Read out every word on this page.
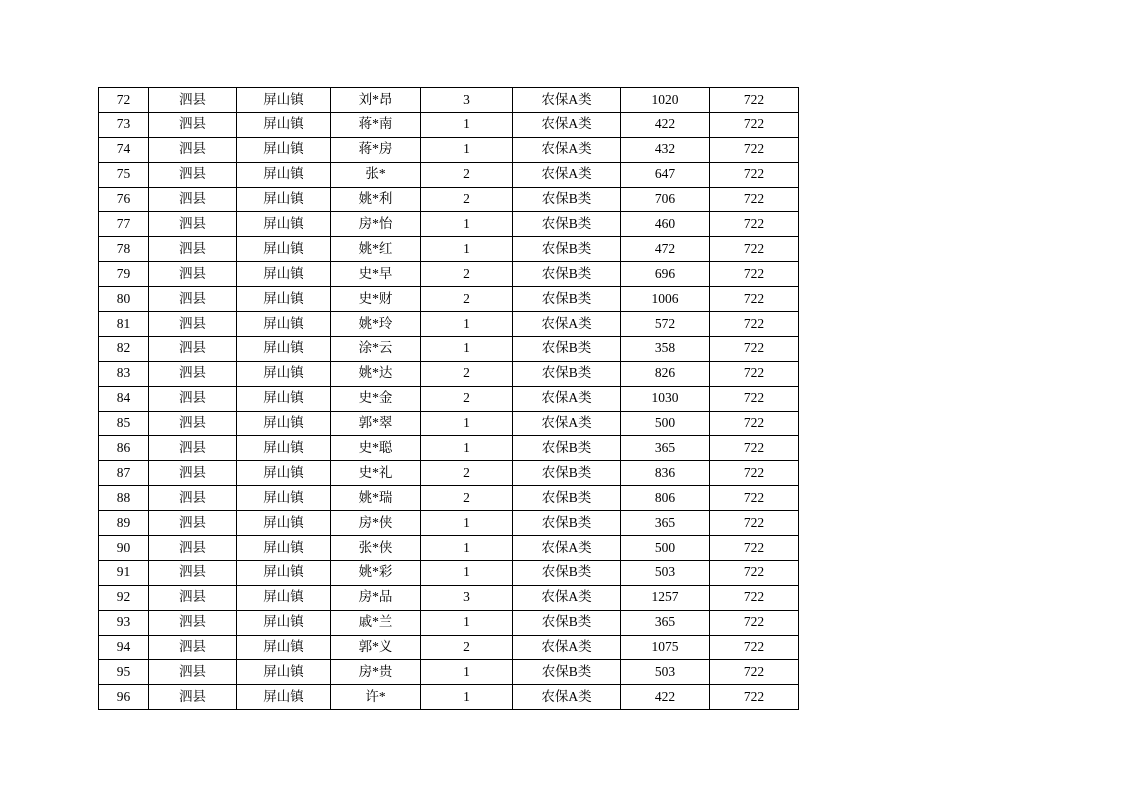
72	泗县	屏山镇	刘*昂	3	农保A类	1020	722
73	泗县	屏山镇	蒋*南	1	农保A类	422	722
74	泗县	屏山镇	蒋*房	1	农保A类	432	722
75	泗县	屏山镇	张*	2	农保A类	647	722
76	泗县	屏山镇	姚*利	2	农保B类	706	722
77	泗县	屏山镇	房*怡	1	农保B类	460	722
78	泗县	屏山镇	姚*红	1	农保B类	472	722
79	泗县	屏山镇	史*早	2	农保B类	696	722
80	泗县	屏山镇	史*财	2	农保B类	1006	722
81	泗县	屏山镇	姚*玲	1	农保A类	572	722
82	泗县	屏山镇	涂*云	1	农保B类	358	722
83	泗县	屏山镇	姚*达	2	农保B类	826	722
84	泗县	屏山镇	史*金	2	农保A类	1030	722
85	泗县	屏山镇	郭*翠	1	农保A类	500	722
86	泗县	屏山镇	史*聪	1	农保B类	365	722
87	泗县	屏山镇	史*礼	2	农保B类	836	722
88	泗县	屏山镇	姚*瑞	2	农保B类	806	722
89	泗县	屏山镇	房*侠	1	农保B类	365	722
90	泗县	屏山镇	张*侠	1	农保A类	500	722
91	泗县	屏山镇	姚*彩	1	农保B类	503	722
92	泗县	屏山镇	房*品	3	农保A类	1257	722
93	泗县	屏山镇	戚*兰	1	农保B类	365	722
94	泗县	屏山镇	郭*义	2	农保A类	1075	722
95	泗县	屏山镇	房*贵	1	农保B类	503	722
96	泗县	屏山镇	许*	1	农保A类	422	722
